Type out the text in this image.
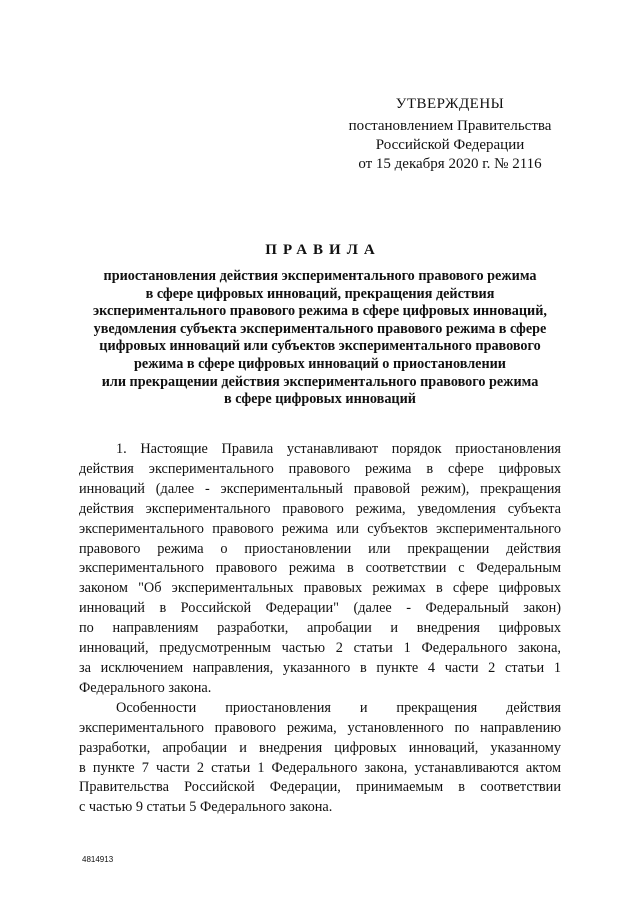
УТВЕРЖДЕНЫ
постановлением Правительства
Российской Федерации
от 15 декабря 2020 г. № 2116
ПРАВИЛА
приостановления действия экспериментального правового режима
в сфере цифровых инноваций, прекращения действия
экспериментального правового режима в сфере цифровых инноваций,
уведомления субъекта экспериментального правового режима в сфере
цифровых инноваций или субъектов экспериментального правового
режима в сфере цифровых инноваций о приостановлении
или прекращении действия экспериментального правового режима
в сфере цифровых инноваций
1. Настоящие Правила устанавливают порядок приостановления
действия экспериментального правового режима в сфере цифровых
инноваций (далее - экспериментальный правовой режим), прекращения
действия экспериментального правового режима, уведомления субъекта
экспериментального правового режима или субъектов экспериментального
правового режима о приостановлении или прекращении действия
экспериментального правового режима в соответствии с Федеральным
законом "Об экспериментальных правовых режимах в сфере цифровых
инноваций в Российской Федерации" (далее - Федеральный закон)
по направлениям разработки, апробации и внедрения цифровых
инноваций, предусмотренным частью 2 статьи 1 Федерального закона,
за исключением направления, указанного в пункте 4 части 2 статьи 1
Федерального закона.
Особенности приостановления и прекращения действия
экспериментального правового режима, установленного по направлению
разработки, апробации и внедрения цифровых инноваций, указанному
в пункте 7 части 2 статьи 1 Федерального закона, устанавливаются актом
Правительства Российской Федерации, принимаемым в соответствии
с частью 9 статьи 5 Федерального закона.
4814913
